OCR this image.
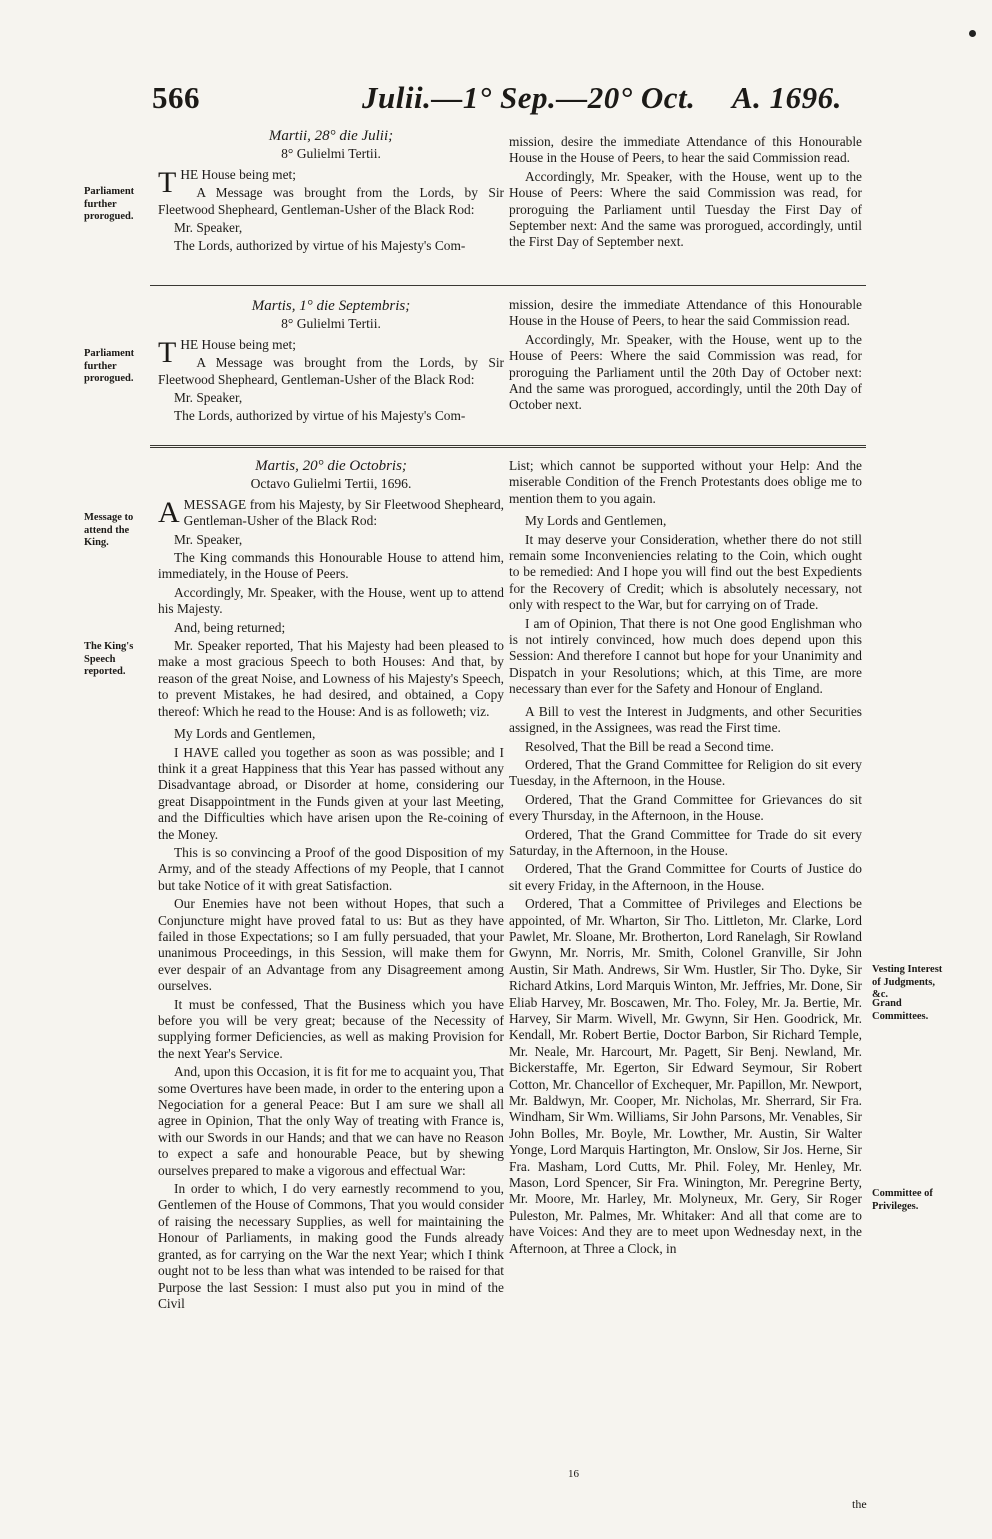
566	Julii.—1° Sep.—20° Oct. A. 1696.
Parliament further prorogued.

Martii, 28° die Julii;

8° Gulielmi Tertii.

THE House being met;

A Message was brought from the Lords, by Sir Fleetwood Shepheard, Gentleman-Usher of the Black Rod:

Mr. Speaker,

The Lords, authorized by virtue of his Majesty's Com-

mission, desire the immediate Attendance of this Honourable House in the House of Peers, to hear the said Commission read.

Accordingly, Mr. Speaker, with the House, went up to the House of Peers: Where the said Commission was read, for proroguing the Parliament until Tuesday the First Day of September next: And the same was prorogued, accordingly, until the First Day of September next.

Parliament further prorogued.

Martis, 1° die Septembris;

8° Gulielmi Tertii.

THE House being met;

A Message was brought from the Lords, by Sir Fleetwood Shepheard, Gentleman-Usher of the Black Rod:

Mr. Speaker,

The Lords, authorized by virtue of his Majesty's Com-

mission, desire the immediate Attendance of this Honourable House in the House of Peers, to hear the said Commission read.

Accordingly, Mr. Speaker, with the House, went up to the House of Peers: Where the said Commission was read, for proroguing the Parliament until the 20th Day of October next: And the same was prorogued, accordingly, until the 20th Day of October next.

Message to attend the King.
The King's Speech reported.

Martis, 20° die Octobris;

Octavo Gulielmi Tertii, 1696.

AMESSAGE from his Majesty, by Sir Fleetwood Shepheard, Gentleman-Usher of the Black Rod:

Mr. Speaker,

The King commands this Honourable House to attend him, immediately, in the House of Peers.

Accordingly, Mr. Speaker, with the House, went up to attend his Majesty.

And, being returned;

Mr. Speaker reported, That his Majesty had been pleased to make a most gracious Speech to both Houses: And that, by reason of the great Noise, and Lowness of his Majesty's Speech, to prevent Mistakes, he had desired, and obtained, a Copy thereof: Which he read to the House: And is as followeth; viz.

My Lords and Gentlemen,

I HAVE called you together as soon as was possible; and I think it a great Happiness that this Year has passed without any Disadvantage abroad, or Disorder at home, considering our great Disappointment in the Funds given at your last Meeting, and the Difficulties which have arisen upon the Re-coining of the Money.

This is so convincing a Proof of the good Disposition of my Army, and of the steady Affections of my People, that I cannot but take Notice of it with great Satisfaction.

Our Enemies have not been without Hopes, that such a Conjuncture might have proved fatal to us: But as they have failed in those Expectations; so I am fully persuaded, that your unanimous Proceedings, in this Session, will make them for ever despair of an Advantage from any Disagreement among ourselves.

It must be confessed, That the Business which you have before you will be very great; because of the Necessity of supplying former Deficiencies, as well as making Provision for the next Year's Service.

And, upon this Occasion, it is fit for me to acquaint you, That some Overtures have been made, in order to the entering upon a Negociation for a general Peace: But I am sure we shall all agree in Opinion, That the only Way of treating with France is, with our Swords in our Hands; and that we can have no Reason to expect a safe and honourable Peace, but by shewing ourselves prepared to make a vigorous and effectual War:

In order to which, I do very earnestly recommend to you, Gentlemen of the House of Commons, That you would consider of raising the necessary Supplies, as well for maintaining the Honour of Parliaments, in making good the Funds already granted, as for carrying on the War the next Year; which I think ought not to be less than what was intended to be raised for that Purpose the last Session: I must also put you in mind of the Civil

Vesting Interest of Judgments, &c.
Grand Committees.
Committee of Privileges.

List; which cannot be supported without your Help: And the miserable Condition of the French Protestants does oblige me to mention them to you again.

My Lords and Gentlemen,

It may deserve your Consideration, whether there do not still remain some Inconveniencies relating to the Coin, which ought to be remedied: And I hope you will find out the best Expedients for the Recovery of Credit; which is absolutely necessary, not only with respect to the War, but for carrying on of Trade.

I am of Opinion, That there is not One good Englishman who is not intirely convinced, how much does depend upon this Session: And therefore I cannot but hope for your Unanimity and Dispatch in your Resolutions; which, at this Time, are more necessary than ever for the Safety and Honour of England.

A Bill to vest the Interest in Judgments, and other Securities assigned, in the Assignees, was read the First time.

Resolved, That the Bill be read a Second time.

Ordered, That the Grand Committee for Religion do sit every Tuesday, in the Afternoon, in the House.

Ordered, That the Grand Committee for Grievances do sit every Thursday, in the Afternoon, in the House.

Ordered, That the Grand Committee for Trade do sit every Saturday, in the Afternoon, in the House.

Ordered, That the Grand Committee for Courts of Justice do sit every Friday, in the Afternoon, in the House.

Ordered, That a Committee of Privileges and Elections be appointed, of Mr. Wharton, Sir Tho. Littleton, Mr. Clarke, Lord Pawlet, Mr. Sloane, Mr. Brotherton, Lord Ranelagh, Sir Rowland Gwynn, Mr. Norris, Mr. Smith, Colonel Granville, Sir John Austin, Sir Math. Andrews, Sir Wm. Hustler, Sir Tho. Dyke, Sir Richard Atkins, Lord Marquis Winton, Mr. Jeffries, Mr. Done, Sir Eliab Harvey, Mr. Boscawen, Mr. Tho. Foley, Mr. Ja. Bertie, Mr. Harvey, Sir Marm. Wivell, Mr. Gwynn, Sir Hen. Goodrick, Mr. Kendall, Mr. Robert Bertie, Doctor Barbon, Sir Richard Temple, Mr. Neale, Mr. Harcourt, Mr. Pagett, Sir Benj. Newland, Mr. Bickerstaffe, Mr. Egerton, Sir Edward Seymour, Sir Robert Cotton, Mr. Chancellor of Exchequer, Mr. Papillon, Mr. Newport, Mr. Baldwyn, Mr. Cooper, Mr. Nicholas, Mr. Sherrard, Sir Fra. Windham, Sir Wm. Williams, Sir John Parsons, Mr. Venables, Sir John Bolles, Mr. Boyle, Mr. Lowther, Mr. Austin, Sir Walter Yonge, Lord Marquis Hartington, Mr. Onslow, Sir Jos. Herne, Sir Fra. Masham, Lord Cutts, Mr. Phil. Foley, Mr. Henley, Mr. Mason, Lord Spencer, Sir Fra. Winington, Mr. Peregrine Berty, Mr. Moore, Mr. Harley, Mr. Molyneux, Mr. Gery, Sir Roger Puleston, Mr. Palmes, Mr. Whitaker: And all that come are to have Voices: And they are to meet upon Wednesday next, in the Afternoon, at Three a Clock, in

16
the
